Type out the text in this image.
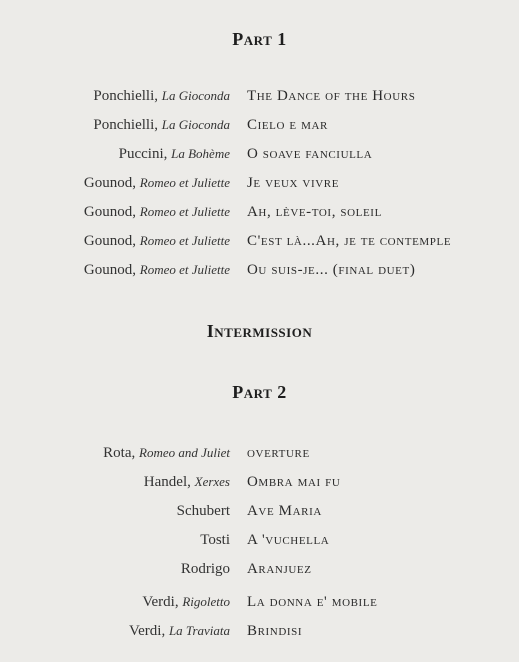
Part 1
Ponchielli, La Gioconda The Dance of the Hours
Ponchielli, La Gioconda Cielo e mar
Puccini, La Bohème O soave fanciulla
Gounod, Romeo et Juliette Je veux vivre
Gounod, Romeo et Juliette Ah, lève-toi, soleil
Gounod, Romeo et Juliette C'est là...Ah, je te contemple
Gounod, Romeo et Juliette Ou suis-je... (final duet)
Intermission
Part 2
Rota, Romeo and Juliet overture
Handel, Xerxes Ombra mai fu
Schubert Ave Maria
Tosti A 'vuchella
Rodrigo Aranjuez
Verdi, Rigoletto La donna e' mobile
Verdi, La Traviata Brindisi
